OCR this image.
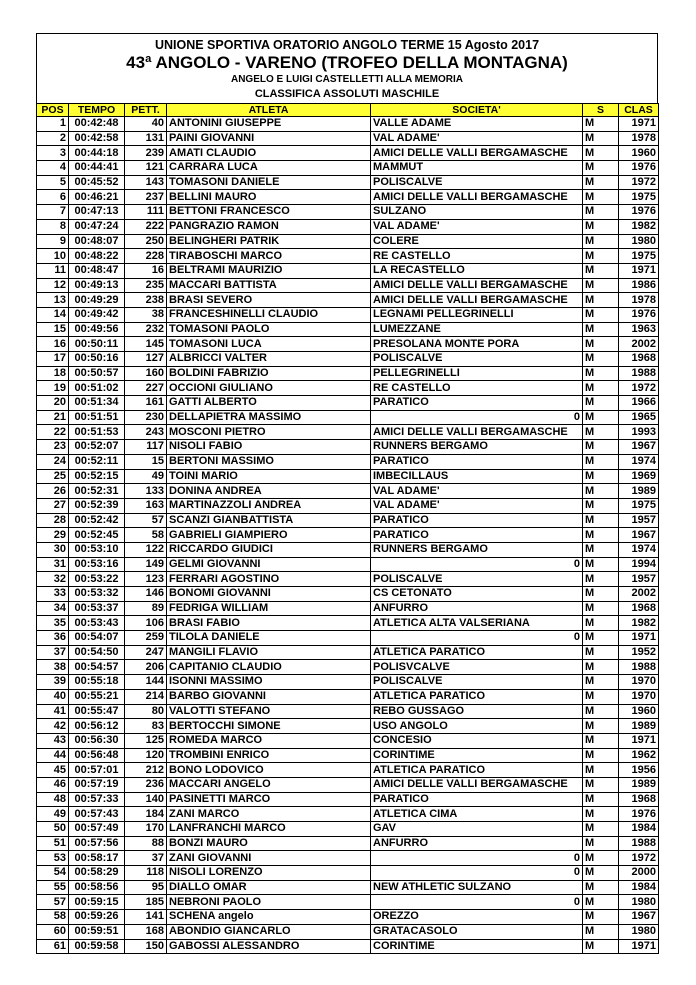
UNIONE SPORTIVA ORATORIO ANGOLO TERME 15 Agosto 2017
43ª ANGOLO - VARENO (TROFEO DELLA MONTAGNA)
ANGELO E LUIGI CASTELLETTI ALLA MEMORIA
CLASSIFICA ASSOLUTI MASCHILE
POS	TEMPO	PETT.	ATLETA	SOCIETA'	S	CLAS
1	00:42:48	40	ANTONINI GIUSEPPE	VALLE ADAME	M	1971
2	00:42:58	131	PAINI GIOVANNI	VAL ADAME'	M	1978
3	00:44:18	239	AMATI CLAUDIO	AMICI DELLE VALLI BERGAMASCHE	M	1960
4	00:44:41	121	CARRARA LUCA	MAMMUT	M	1976
5	00:45:52	143	TOMASONI DANIELE	POLISCALVE	M	1972
6	00:46:21	237	BELLINI MAURO	AMICI DELLE VALLI BERGAMASCHE	M	1975
7	00:47:13	111	BETTONI FRANCESCO	SULZANO	M	1976
8	00:47:24	222	PANGRAZIO RAMON	VAL ADAME'	M	1982
9	00:48:07	250	BELINGHERI PATRIK	COLERE	M	1980
10	00:48:22	228	TIRABOSCHI MARCO	RE CASTELLO	M	1975
11	00:48:47	16	BELTRAMI MAURIZIO	LA RECASTELLO	M	1971
12	00:49:13	235	MACCARI BATTISTA	AMICI DELLE VALLI BERGAMASCHE	M	1986
13	00:49:29	238	BRASI SEVERO	AMICI DELLE VALLI BERGAMASCHE	M	1978
14	00:49:42	38	FRANCESHINELLI CLAUDIO	LEGNAMI PELLEGRINELLI	M	1976
15	00:49:56	232	TOMASONI PAOLO	LUMEZZANE	M	1963
16	00:50:11	145	TOMASONI LUCA	PRESOLANA MONTE PORA	M	2002
17	00:50:16	127	ALBRICCI VALTER	POLISCALVE	M	1968
18	00:50:57	160	BOLDINI FABRIZIO	PELLEGRINELLI	M	1988
19	00:51:02	227	OCCIONI GIULIANO	RE CASTELLO	M	1972
20	00:51:34	161	GATTI ALBERTO	PARATICO	M	1966
21	00:51:51	230	DELLAPIETRA MASSIMO	0	M	1965
22	00:51:53	243	MOSCONI PIETRO	AMICI DELLE VALLI BERGAMASCHE	M	1993
23	00:52:07	117	NISOLI FABIO	RUNNERS BERGAMO	M	1967
24	00:52:11	15	BERTONI MASSIMO	PARATICO	M	1974
25	00:52:15	49	TOINI MARIO	IMBECILLAUS	M	1969
26	00:52:31	133	DONINA ANDREA	VAL ADAME'	M	1989
27	00:52:39	163	MARTINAZZOLI ANDREA	VAL ADAME'	M	1975
28	00:52:42	57	SCANZI GIANBATTISTA	PARATICO	M	1957
29	00:52:45	58	GABRIELI GIAMPIERO	PARATICO	M	1967
30	00:53:10	122	RICCARDO GIUDICI	RUNNERS BERGAMO	M	1974
31	00:53:16	149	GELMI GIOVANNI	0	M	1994
32	00:53:22	123	FERRARI AGOSTINO	POLISCALVE	M	1957
33	00:53:32	146	BONOMI GIOVANNI	CS CETONATO	M	2002
34	00:53:37	89	FEDRIGA WILLIAM	ANFURRO	M	1968
35	00:53:43	106	BRASI FABIO	ATLETICA ALTA VALSERIANA	M	1982
36	00:54:07	259	TILOLA DANIELE	0	M	1971
37	00:54:50	247	MANGILI FLAVIO	ATLETICA PARATICO	M	1952
38	00:54:57	206	CAPITANIO CLAUDIO	POLISVCALVE	M	1988
39	00:55:18	144	ISONNI MASSIMO	POLISCALVE	M	1970
40	00:55:21	214	BARBO GIOVANNI	ATLETICA PARATICO	M	1970
41	00:55:47	80	VALOTTI STEFANO	REBO GUSSAGO	M	1960
42	00:56:12	83	BERTOCCHI SIMONE	USO ANGOLO	M	1989
43	00:56:30	125	ROMEDA MARCO	CONCESIO	M	1971
44	00:56:48	120	TROMBINI ENRICO	CORINTIME	M	1962
45	00:57:01	212	BONO LODOVICO	ATLETICA PARATICO	M	1956
46	00:57:19	236	MACCARI ANGELO	AMICI DELLE VALLI BERGAMASCHE	M	1989
48	00:57:33	140	PASINETTI MARCO	PARATICO	M	1968
49	00:57:43	184	ZANI MARCO	ATLETICA CIMA	M	1976
50	00:57:49	170	LANFRANCHI MARCO	GAV	M	1984
51	00:57:56	88	BONZI MAURO	ANFURRO	M	1988
53	00:58:17	37	ZANI GIOVANNI	0	M	1972
54	00:58:29	118	NISOLI LORENZO	0	M	2000
55	00:58:56	95	DIALLO OMAR	NEW ATHLETIC SULZANO	M	1984
57	00:59:15	185	NEBRONI PAOLO	0	M	1980
58	00:59:26	141	SCHENA angelo	OREZZO	M	1967
60	00:59:51	168	ABONDIO GIANCARLO	GRATACASOLO	M	1980
61	00:59:58	150	GABOSSI ALESSANDRO	CORINTIME	M	1971
